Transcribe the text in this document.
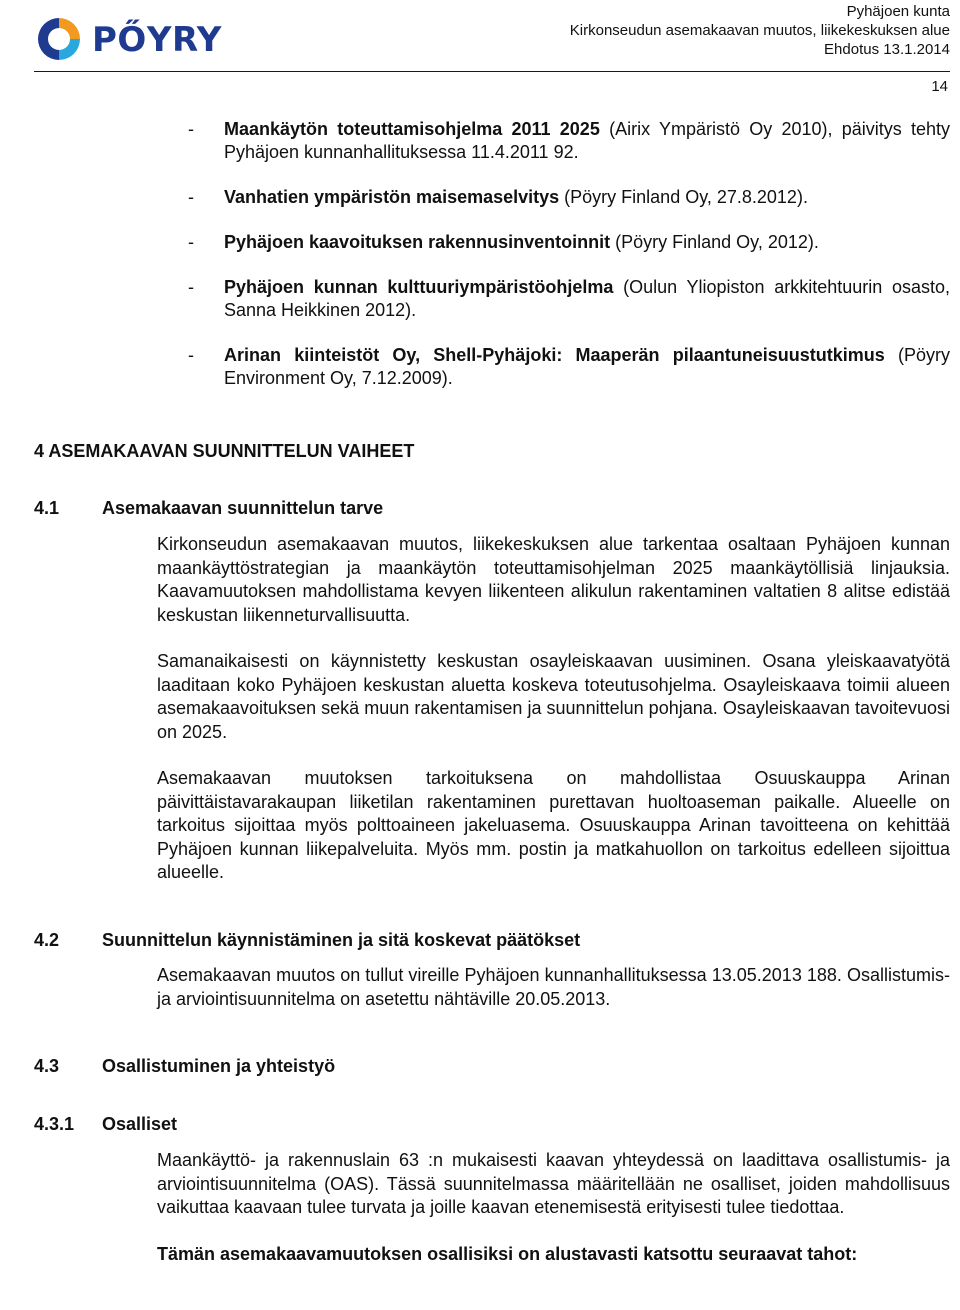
PŐYRY
Pyhäjoen kunta
Kirkonseudun asemakaavan muutos, liikekeskuksen alue
Ehdotus 13.1.2014
14
- Maankäytön toteuttamisohjelma 2011 2025 (Airix Ympäristö Oy 2010), päivitys tehty Pyhäjoen kunnanhallituksessa 11.4.2011 92.
- Vanhatien ympäristön maisemaselvitys (Pöyry Finland Oy, 27.8.2012).
- Pyhäjoen kaavoituksen rakennusinventoinnit (Pöyry Finland Oy, 2012).
- Pyhäjoen kunnan kulttuuriympäristöohjelma (Oulun Yliopiston arkkitehtuurin osasto, Sanna Heikkinen 2012).
- Arinan kiinteistöt Oy, Shell-Pyhäjoki: Maaperän pilaantuneisuustutkimus (Pöyry Environment Oy, 7.12.2009).
4 ASEMAKAAVAN SUUNNITTELUN VAIHEET
4.1 Asemakaavan suunnittelun tarve

Kirkonseudun asemakaavan muutos, liikekeskuksen alue tarkentaa osaltaan Pyhäjoen kunnan maankäyttöstrategian ja maankäytön toteuttamisohjelman 2025 maankäytöllisiä linjauksia. Kaavamuutoksen mahdollistama kevyen liikenteen alikulun rakentaminen valtatien 8 alitse edistää keskustan liikenneturvallisuutta.

Samanaikaisesti on käynnistetty keskustan osayleiskaavan uusiminen. Osana yleiskaavatyötä laaditaan koko Pyhäjoen keskustan aluetta koskeva toteutusohjelma. Osayleiskaava toimii alueen asemakaavoituksen sekä muun rakentamisen ja suunnittelun pohjana. Osayleiskaavan tavoitevuosi on 2025.

Asemakaavan muutoksen tarkoituksena on mahdollistaa Osuuskauppa Arinan päivittäistavarakaupan liiketilan rakentaminen purettavan huoltoaseman paikalle. Alueelle on tarkoitus sijoittaa myös polttoaineen jakeluasema. Osuuskauppa Arinan tavoitteena on kehittää Pyhäjoen kunnan liikepalveluita. Myös mm. postin ja matkahuollon on tarkoitus edelleen sijoittua alueelle.

4.2 Suunnittelun käynnistäminen ja sitä koskevat päätökset

Asemakaavan muutos on tullut vireille Pyhäjoen kunnanhallituksessa 13.05.2013 188. Osallistumis- ja arviointisuunnitelma on asetettu nähtäville 20.05.2013.

4.3 Osallistuminen ja yhteistyö
4.3.1 Osalliset

Maankäyttö- ja rakennuslain 63 :n mukaisesti kaavan yhteydessä on laadittava osallistumis- ja arviointisuunnitelma (OAS). Tässä suunnitelmassa määritellään ne osalliset, joiden mahdollisuus vaikuttaa kaavaan tulee turvata ja joille kaavan etenemisestä erityisesti tulee tiedottaa.

Tämän asemakaavamuutoksen osallisiksi on alustavasti katsottu seuraavat tahot:
